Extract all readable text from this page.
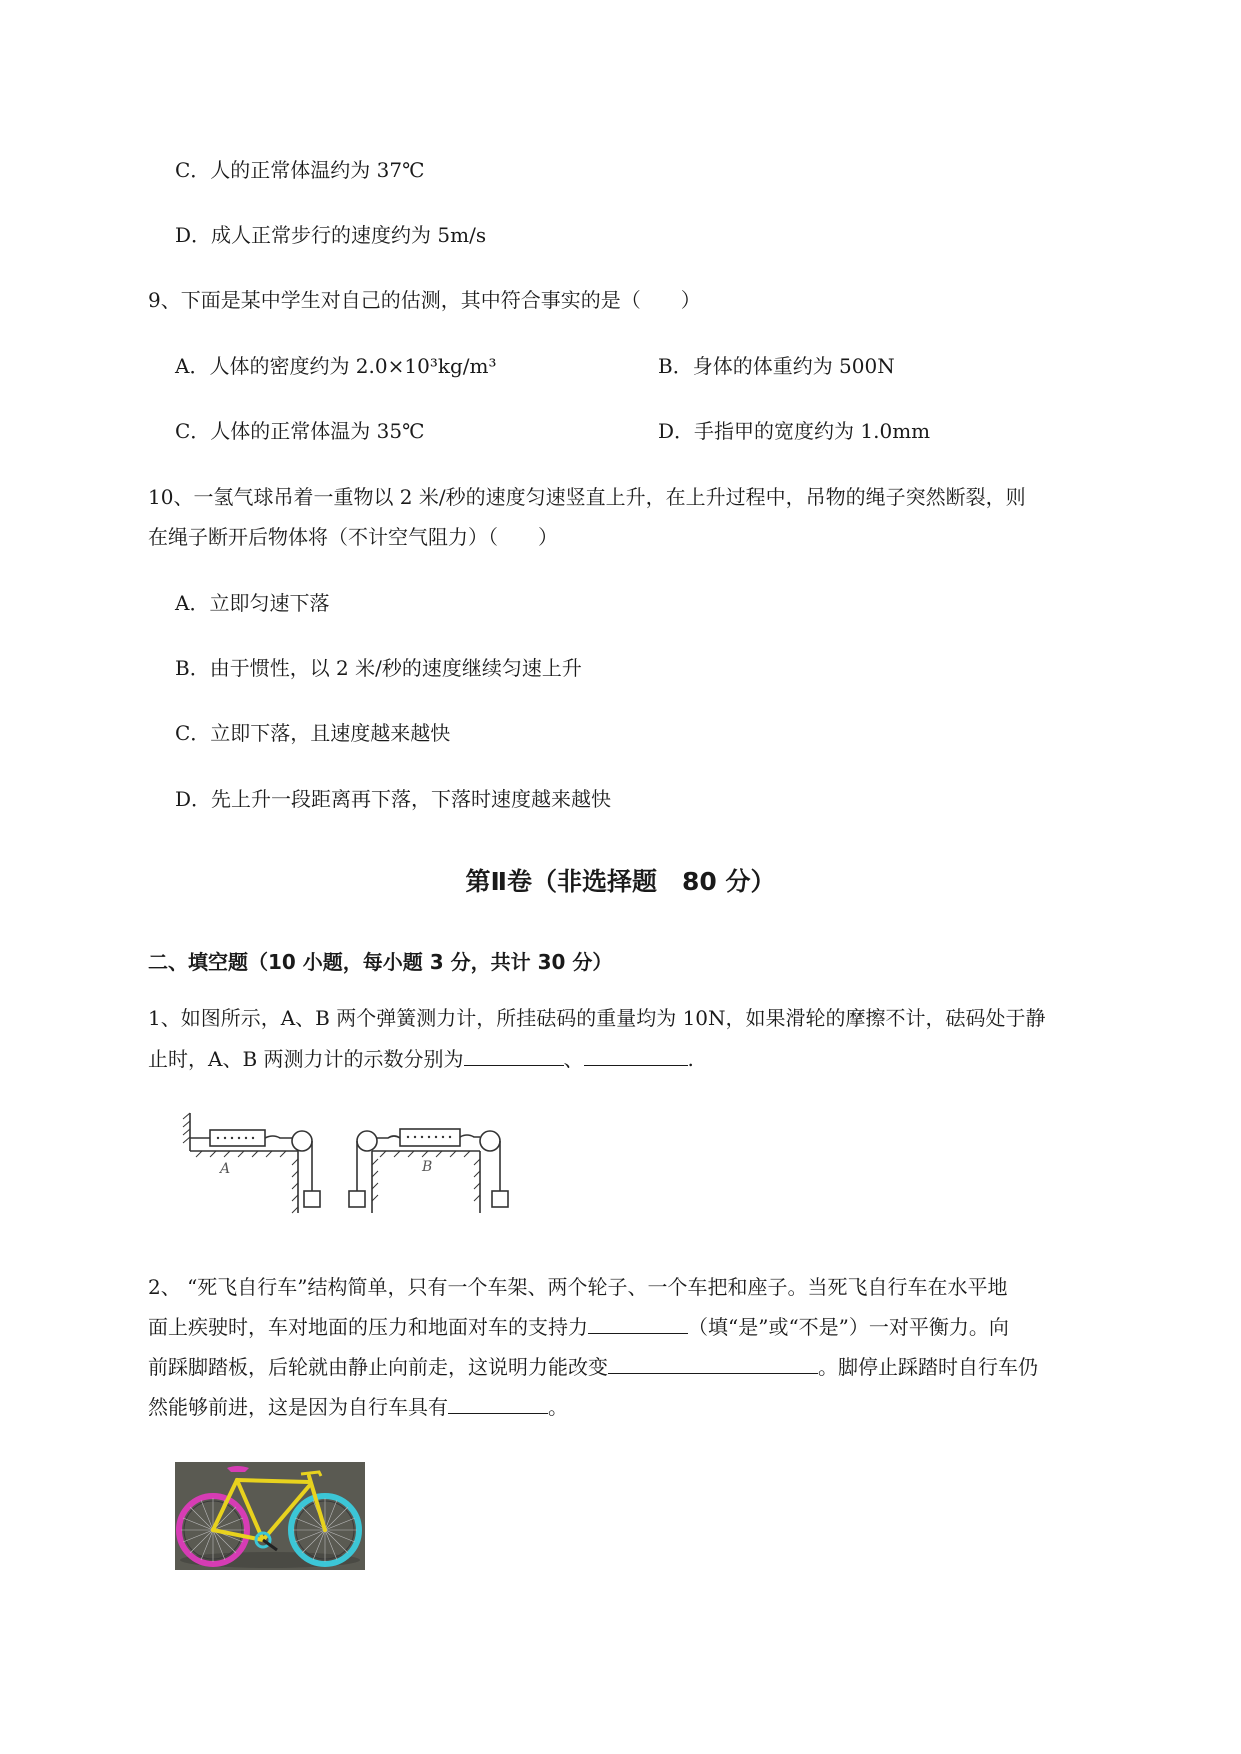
C．人的正常体温约为 37℃
D．成人正常步行的速度约为 5m/s
9、下面是某中学生对自己的估测，其中符合事实的是（　　）
A．人体的密度约为 2.0×10³kg/m³	B．身体的体重约为 500N
C．人体的正常体温为 35℃	D．手指甲的宽度约为 1.0mm
10、一氢气球吊着一重物以 2 米/秒的速度匀速竖直上升，在上升过程中，吊物的绳子突然断裂，则
在绳子断开后物体将（不计空气阻力）（　　）
A．立即匀速下落
B．由于惯性，以 2 米/秒的速度继续匀速上升
C．立即下落，且速度越来越快
D．先上升一段距离再下落，下落时速度越来越快
第Ⅱ卷（非选择题　80 分）
二、填空题（10 小题，每小题 3 分，共计 30 分）
1、如图所示，A、B 两个弹簧测力计，所挂砝码的重量均为 10N，如果滑轮的摩擦不计，砝码处于静
止时，A、B 两测力计的示数分别为	、	.
A	B
2、 “死飞自行车”结构简单，只有一个车架、两个轮子、一个车把和座子。当死飞自行车在水平地
面上疾驶时，车对地面的压力和地面对车的支持力	（填“是”或“不是”）一对平衡力。向
前踩脚踏板，后轮就由静止向前走，这说明力能改变	。脚停止踩踏时自行车仍
然能够前进，这是因为自行车具有	。
